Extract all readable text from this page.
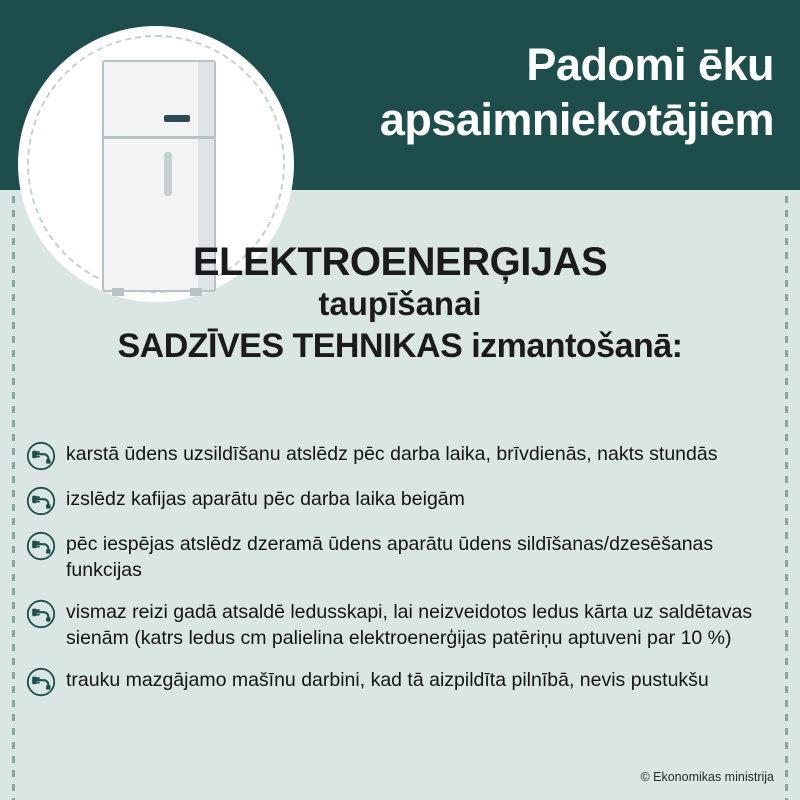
Padomi ēku
apsaimniekotājiem
ELEKTROENERĢIJAS
taupīšanai
SADZĪVES TEHNIKAS izmantošanā:
karstā ūdens uzsildīšanu atslēdz pēc darba laika, brīvdienās, nakts stundās
izslēdz kafijas aparātu pēc darba laika beigām
pēc iespējas atslēdz dzeramā ūdens aparātu ūdens sildīšanas/dzesēšanas funkcijas
vismaz reizi gadā atsaldē ledusskapi, lai neizveidotos ledus kārta uz saldētavas sienām (katrs ledus cm palielina elektroenerģijas patēriņu aptuveni par 10 %)
trauku mazgājamo mašīnu darbini, kad tā aizpildīta pilnībā, nevis pustukšu
© Ekonomikas ministrija
